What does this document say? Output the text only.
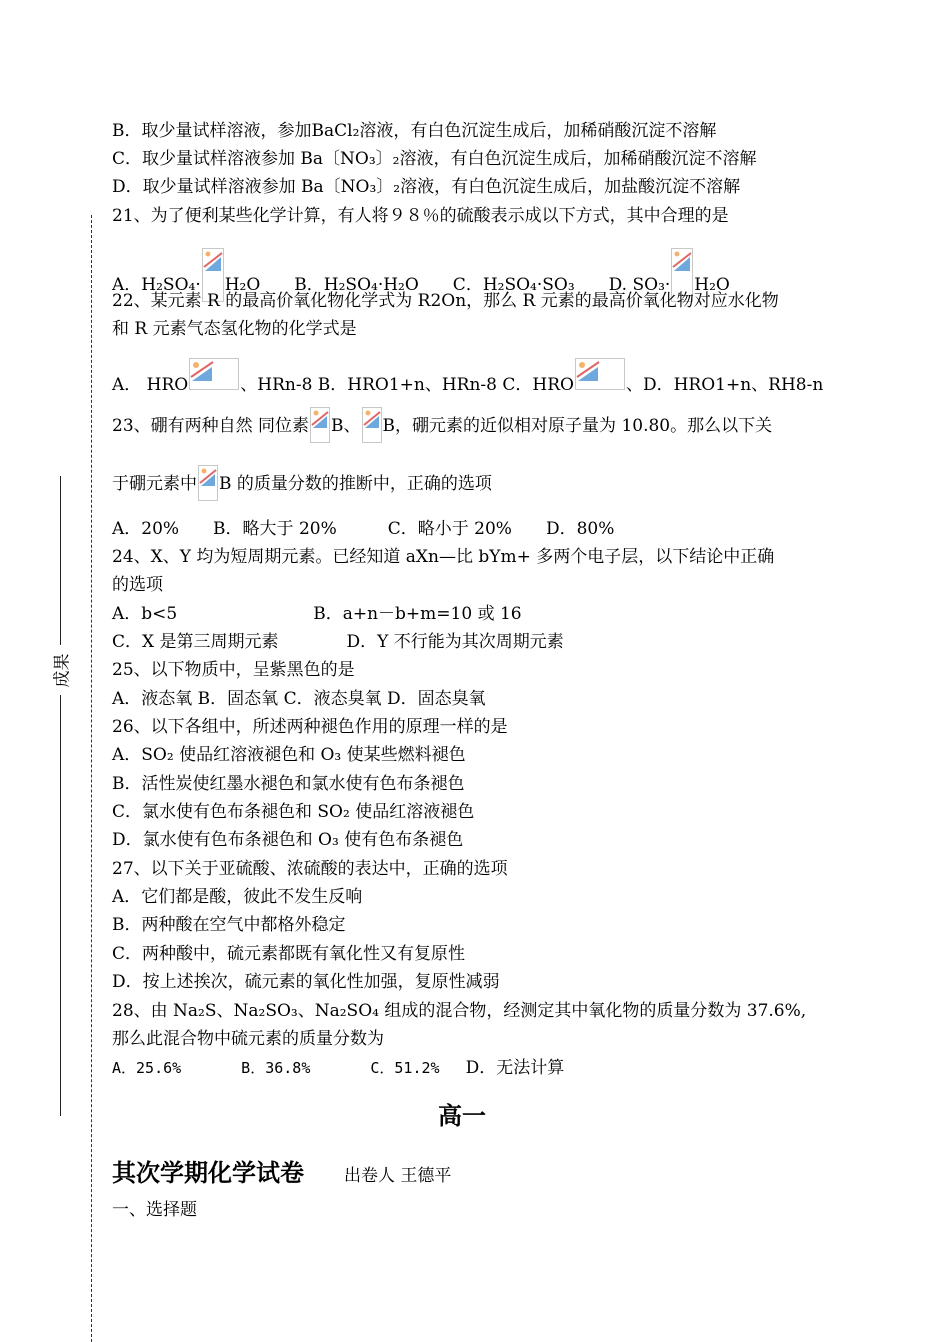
成果
B．取少量试样溶液，参加BaCl₂溶液，有白色沉淀生成后，加稀硝酸沉淀不溶解
C．取少量试样溶液参加 Ba〔NO₃〕₂溶液，有白色沉淀生成后，加稀硝酸沉淀不溶解
D．取少量试样溶液参加 Ba〔NO₃〕₂溶液，有白色沉淀生成后，加盐酸沉淀不溶解
21、为了便利某些化学计算，有人将９８％的硫酸表示成以下方式，其中合理的是
A．H₂SO₄· H₂O　　B．H₂SO₄·H₂O　　C．H₂SO₄·SO₃　　D. SO₃· H₂O
22、某元素 R 的最高价氧化物化学式为 R2On，那么 R 元素的最高价氧化物对应水化物
和 R 元素气态氢化物的化学式是
A． HRO	、HRn-8 B．HRO1+n、HRn-8 C．HRO	、D．HRO1+n、RH8-n
23、硼有两种自然 同位素 B、 B，硼元素的近似相对原子量为 10.80。那么以下关
于硼元素中 B 的质量分数的推断中，正确的选项
A．20%　　B．略大于 20%　　　C．略小于 20%　　D．80%
24、X、Y 均为短周期元素。已经知道 aXn—比 bYm+ 多两个电子层，以下结论中正确
的选项
A．b<5　　　　　　　　B．a+n－b+m=10 或 16
C．X 是第三周期元素　　　　D．Y 不行能为其次周期元素
25、以下物质中，呈紫黑色的是
A．液态氧 B．固态氧 C．液态臭氧 D．固态臭氧
26、以下各组中，所述两种褪色作用的原理一样的是
A．SO₂ 使品红溶液褪色和 O₃ 使某些燃料褪色
B．活性炭使红墨水褪色和氯水使有色布条褪色
C．氯水使有色布条褪色和 SO₂ 使品红溶液褪色
D．氯水使有色布条褪色和 O₃ 使有色布条褪色
27、以下关于亚硫酸、浓硫酸的表达中，正确的选项
A．它们都是酸，彼此不发生反响
B．两种酸在空气中都格外稳定
C．两种酸中，硫元素都既有氧化性又有复原性
D．按上述挨次，硫元素的氧化性加强，复原性减弱
28、由 Na₂S、Na₂SO₃、Na₂SO₄ 组成的混合物，经测定其中氧化物的质量分数为 37.6%,
那么此混合物中硫元素的质量分数为
A．25.6%　　　　B．36.8%　　　　C．51.2% D．无法计算
高一
其次学期化学试卷 出卷人 王德平
一、选择题
